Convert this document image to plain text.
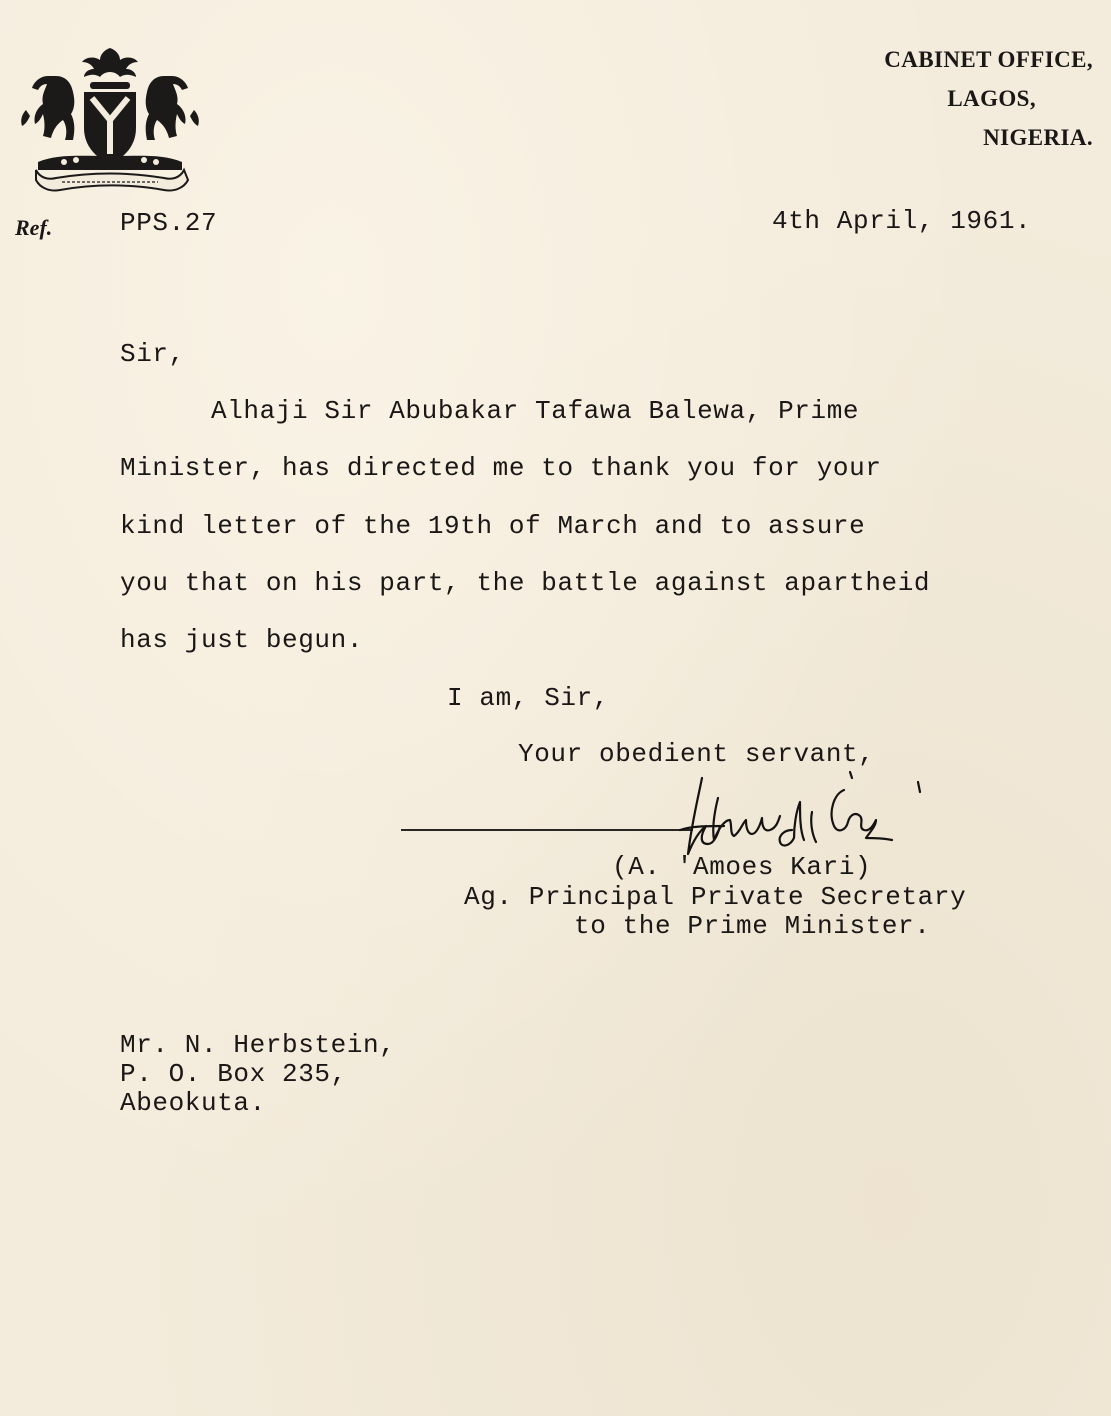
CABINET OFFICE,
LAGOS,
NIGERIA.
Ref.	PPS.27	4th April, 1961.
Sir,
Alhaji Sir Abubakar Tafawa Balewa, Prime
Minister, has directed me to thank you for your
kind letter of the 19th of March and to assure
you that on his part, the battle against apartheid
has just begun.
I am, Sir,
Your obedient servant,
(A. 'Amoes Kari)
Ag. Principal Private Secretary
to the Prime Minister.
Mr. N. Herbstein,
P. O. Box 235,
Abeokuta.
